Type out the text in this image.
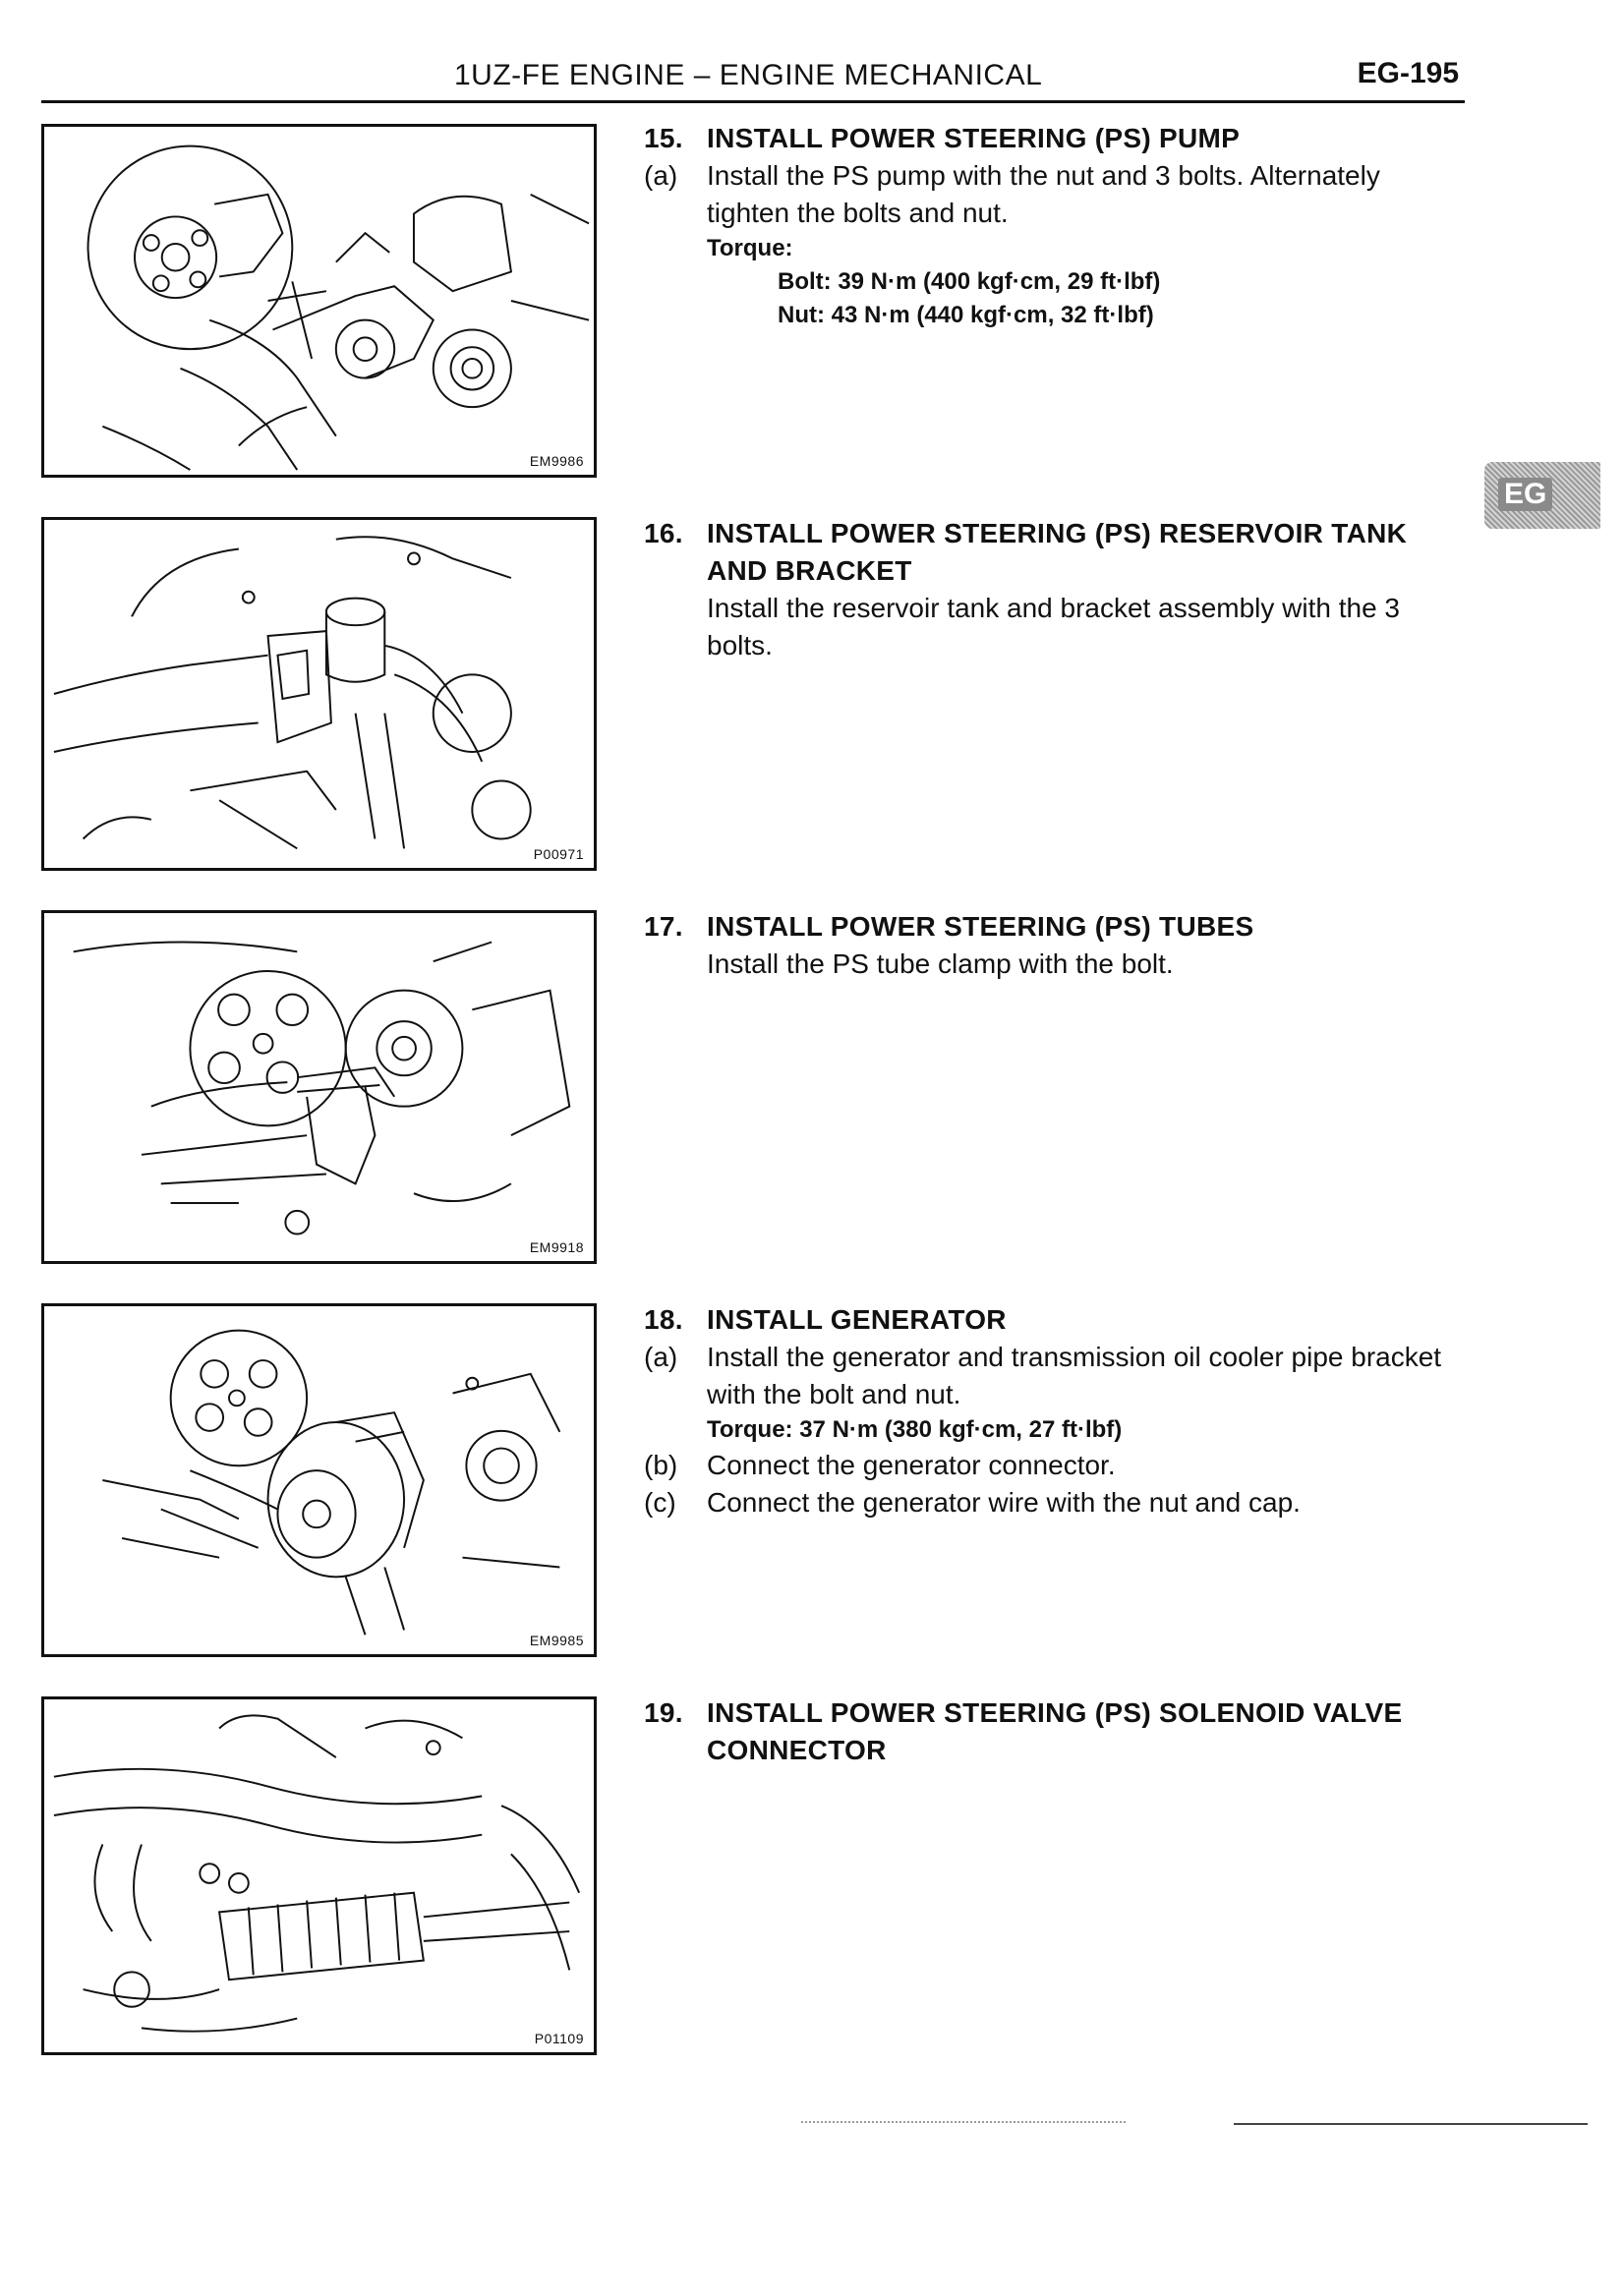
1UZ-FE ENGINE – ENGINE MECHANICAL	EG-195
EG
EM9986
P00971
EM9918
EM9985
P01109
15. INSTALL POWER STEERING (PS) PUMP
(a)	Install the PS pump with the nut and 3 bolts. Alternately tighten the bolts and nut.
Torque:
Bolt: 39 N·m (400 kgf·cm, 29 ft·lbf)
Nut: 43 N·m (440 kgf·cm, 32 ft·lbf)
16. INSTALL POWER STEERING (PS) RESERVOIR TANK AND BRACKET
Install the reservoir tank and bracket assembly with the 3 bolts.
17. INSTALL POWER STEERING (PS) TUBES
Install the PS tube clamp with the bolt.
18. INSTALL GENERATOR
(a)	Install the generator and transmission oil cooler pipe bracket with the bolt and nut.
Torque: 37 N·m (380 kgf·cm, 27 ft·lbf)
(b)	Connect the generator connector.
(c)	Connect the generator wire with the nut and cap.
19. INSTALL POWER STEERING (PS) SOLENOID VALVE CONNECTOR
